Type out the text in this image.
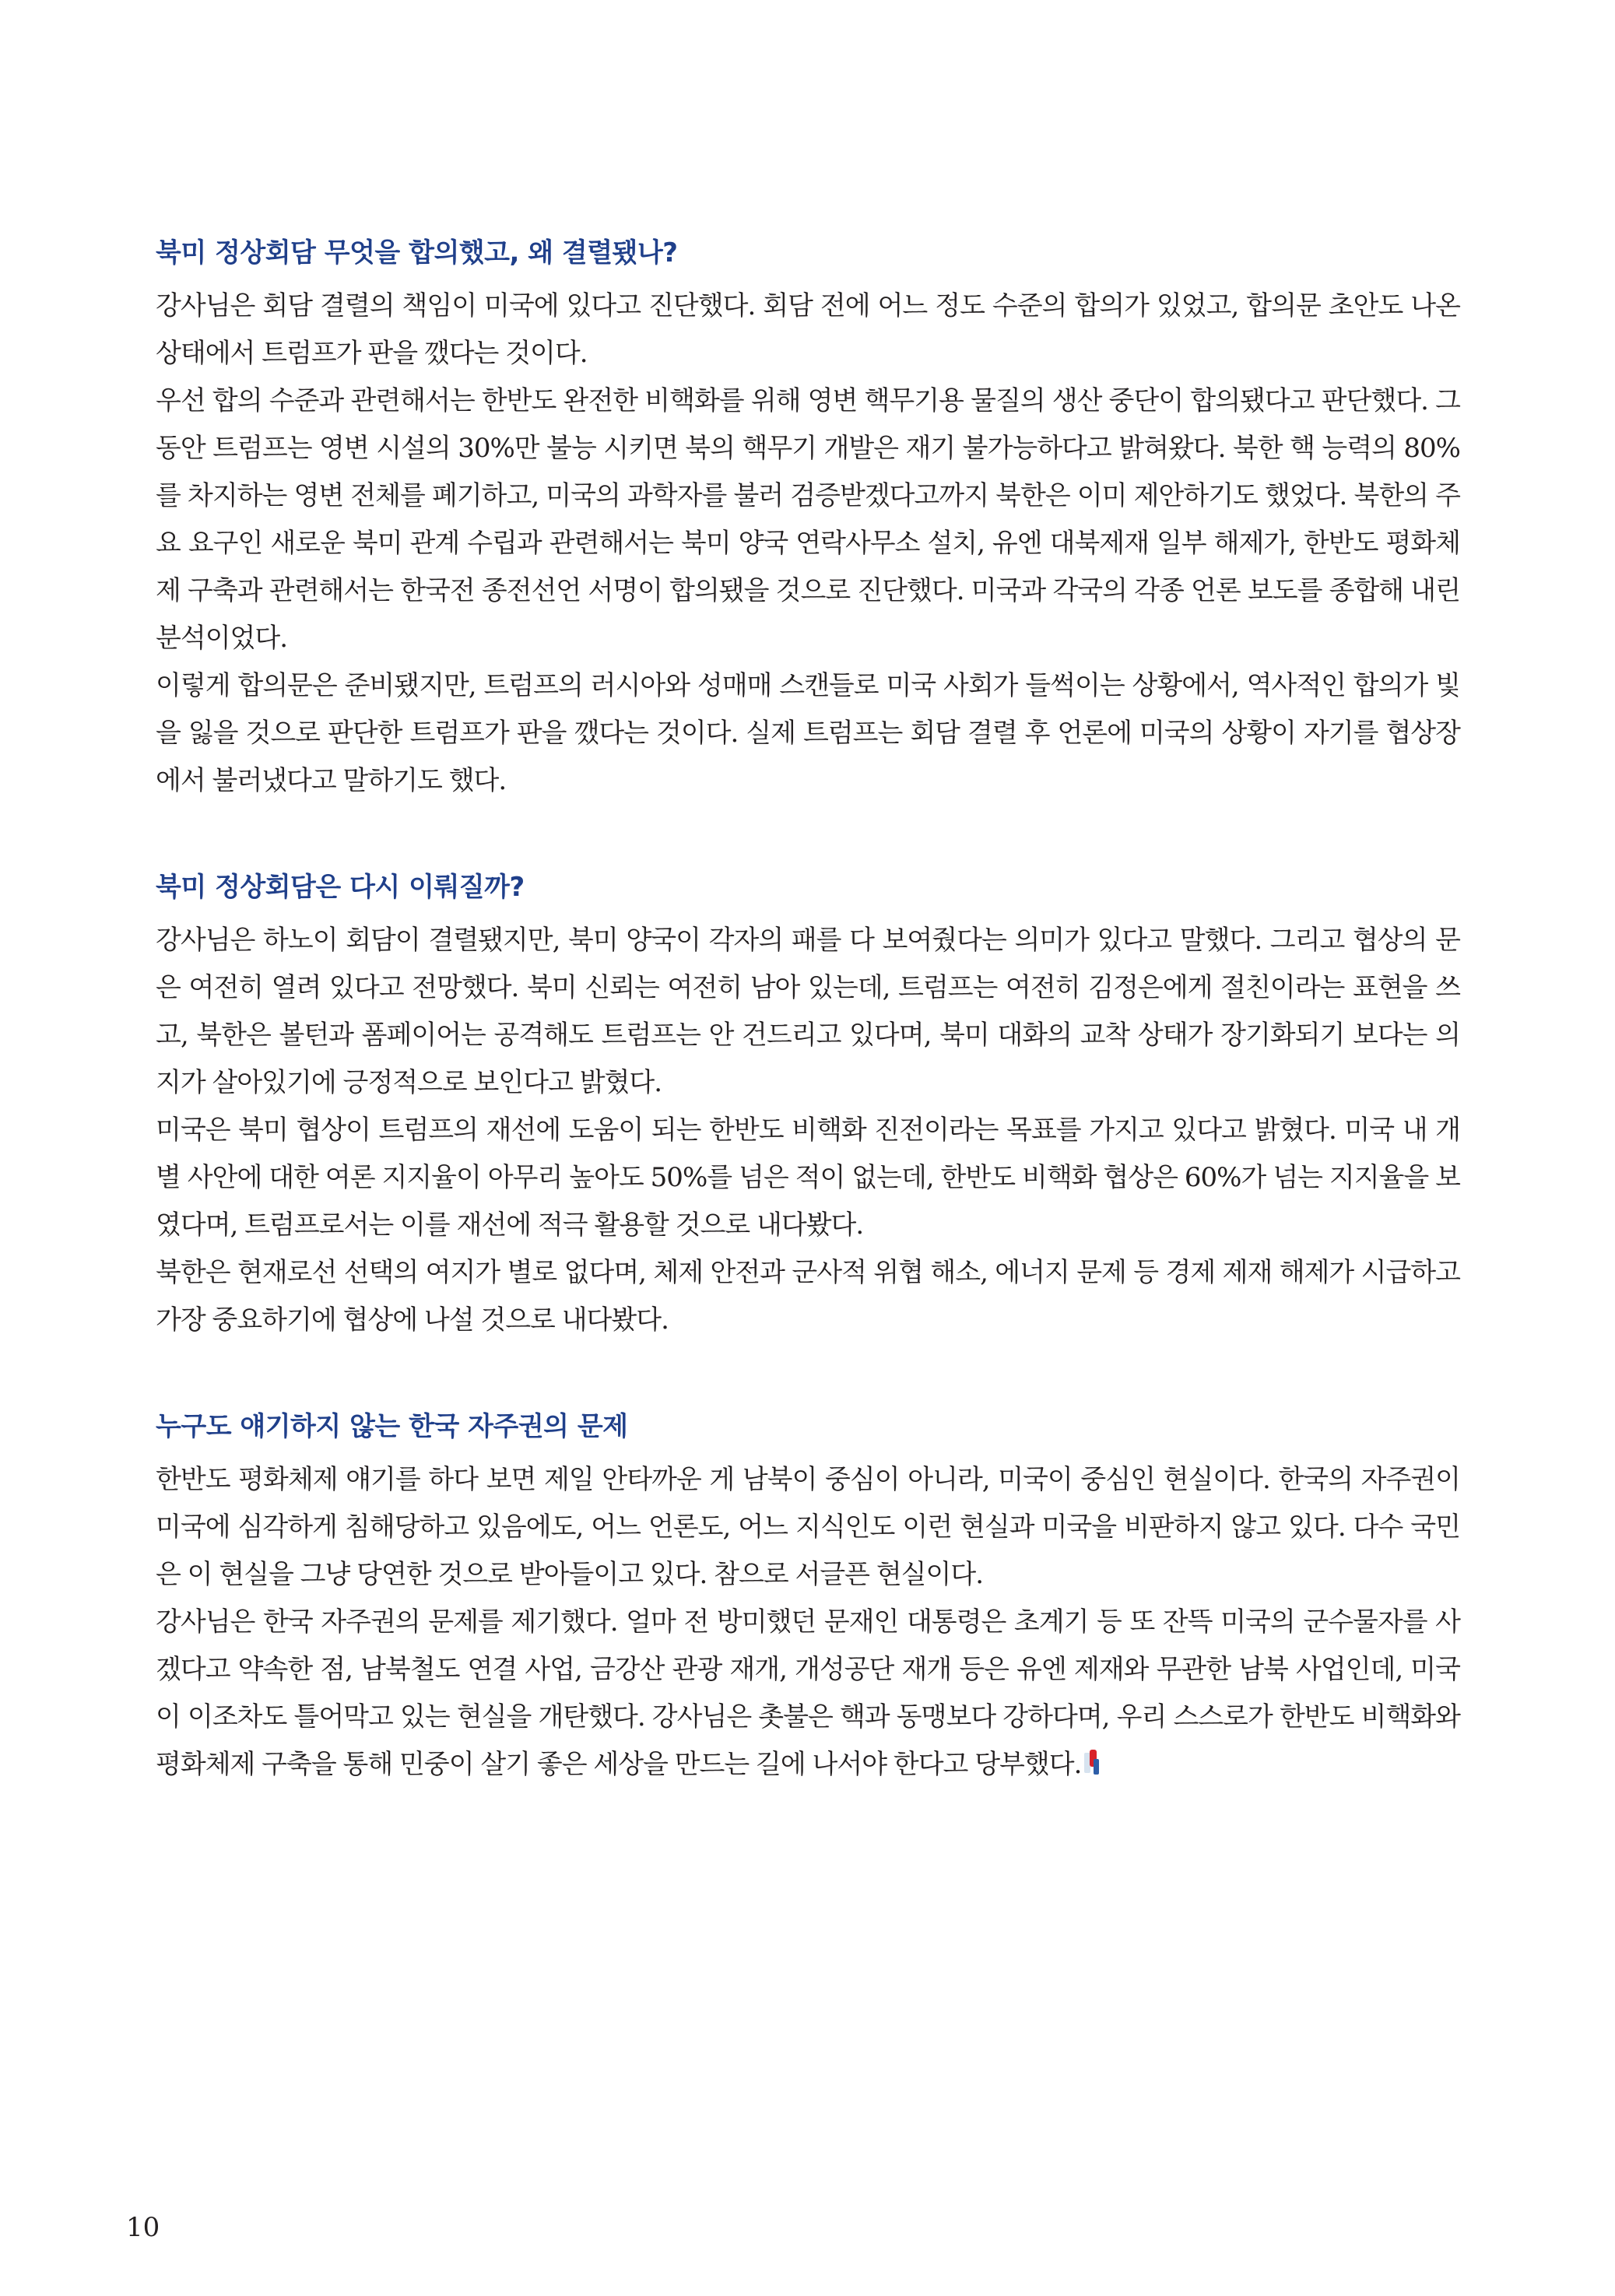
북미 정상회담 무엇을 합의했고, 왜 결렬됐나?

강사님은 회담 결렬의 책임이 미국에 있다고 진단했다. 회담 전에 어느 정도 수준의 합의가 있었고, 합의문 초안도 나온 상태에서 트럼프가 판을 깼다는 것이다.

우선 합의 수준과 관련해서는 한반도 완전한 비핵화를 위해 영변 핵무기용 물질의 생산 중단이 합의됐다고 판단했다. 그동안 트럼프는 영변 시설의 30%만 불능 시키면 북의 핵무기 개발은 재기 불가능하다고 밝혀왔다. 북한 핵 능력의 80%를 차지하는 영변 전체를 폐기하고, 미국의 과학자를 불러 검증받겠다고까지 북한은 이미 제안하기도 했었다. 북한의 주요 요구인 새로운 북미 관계 수립과 관련해서는 북미 양국 연락사무소 설치, 유엔 대북제재 일부 해제가, 한반도 평화체제 구축과 관련해서는 한국전 종전선언 서명이 합의됐을 것으로 진단했다. 미국과 각국의 각종 언론 보도를 종합해 내린 분석이었다.

이렇게 합의문은 준비됐지만, 트럼프의 러시아와 성매매 스캔들로 미국 사회가 들썩이는 상황에서, 역사적인 합의가 빛을 잃을 것으로 판단한 트럼프가 판을 깼다는 것이다. 실제 트럼프는 회담 결렬 후 언론에 미국의 상황이 자기를 협상장에서 불러냈다고 말하기도 했다.

북미 정상회담은 다시 이뤄질까?

강사님은 하노이 회담이 결렬됐지만, 북미 양국이 각자의 패를 다 보여줬다는 의미가 있다고 말했다. 그리고 협상의 문은 여전히 열려 있다고 전망했다. 북미 신뢰는 여전히 남아 있는데, 트럼프는 여전히 김정은에게 절친이라는 표현을 쓰고, 북한은 볼턴과 폼페이어는 공격해도 트럼프는 안 건드리고 있다며, 북미 대화의 교착 상태가 장기화되기 보다는 의지가 살아있기에 긍정적으로 보인다고 밝혔다.

미국은 북미 협상이 트럼프의 재선에 도움이 되는 한반도 비핵화 진전이라는 목표를 가지고 있다고 밝혔다. 미국 내 개별 사안에 대한 여론 지지율이 아무리 높아도 50%를 넘은 적이 없는데, 한반도 비핵화 협상은 60%가 넘는 지지율을 보였다며, 트럼프로서는 이를 재선에 적극 활용할 것으로 내다봤다.

북한은 현재로선 선택의 여지가 별로 없다며, 체제 안전과 군사적 위협 해소, 에너지 문제 등 경제 제재 해제가 시급하고 가장 중요하기에 협상에 나설 것으로 내다봤다.

누구도 얘기하지 않는 한국 자주권의 문제

한반도 평화체제 얘기를 하다 보면 제일 안타까운 게 남북이 중심이 아니라, 미국이 중심인 현실이다. 한국의 자주권이 미국에 심각하게 침해당하고 있음에도, 어느 언론도, 어느 지식인도 이런 현실과 미국을 비판하지 않고 있다. 다수 국민은 이 현실을 그냥 당연한 것으로 받아들이고 있다. 참으로 서글픈 현실이다.

강사님은 한국 자주권의 문제를 제기했다. 얼마 전 방미했던 문재인 대통령은 초계기 등 또 잔뜩 미국의 군수물자를 사겠다고 약속한 점, 남북철도 연결 사업, 금강산 관광 재개, 개성공단 재개 등은 유엔 제재와 무관한 남북 사업인데, 미국이 이조차도 틀어막고 있는 현실을 개탄했다. 강사님은 촛불은 핵과 동맹보다 강하다며, 우리 스스로가 한반도 비핵화와 평화체제 구축을 통해 민중이 살기 좋은 세상을 만드는 길에 나서야 한다고 당부했다.

10
